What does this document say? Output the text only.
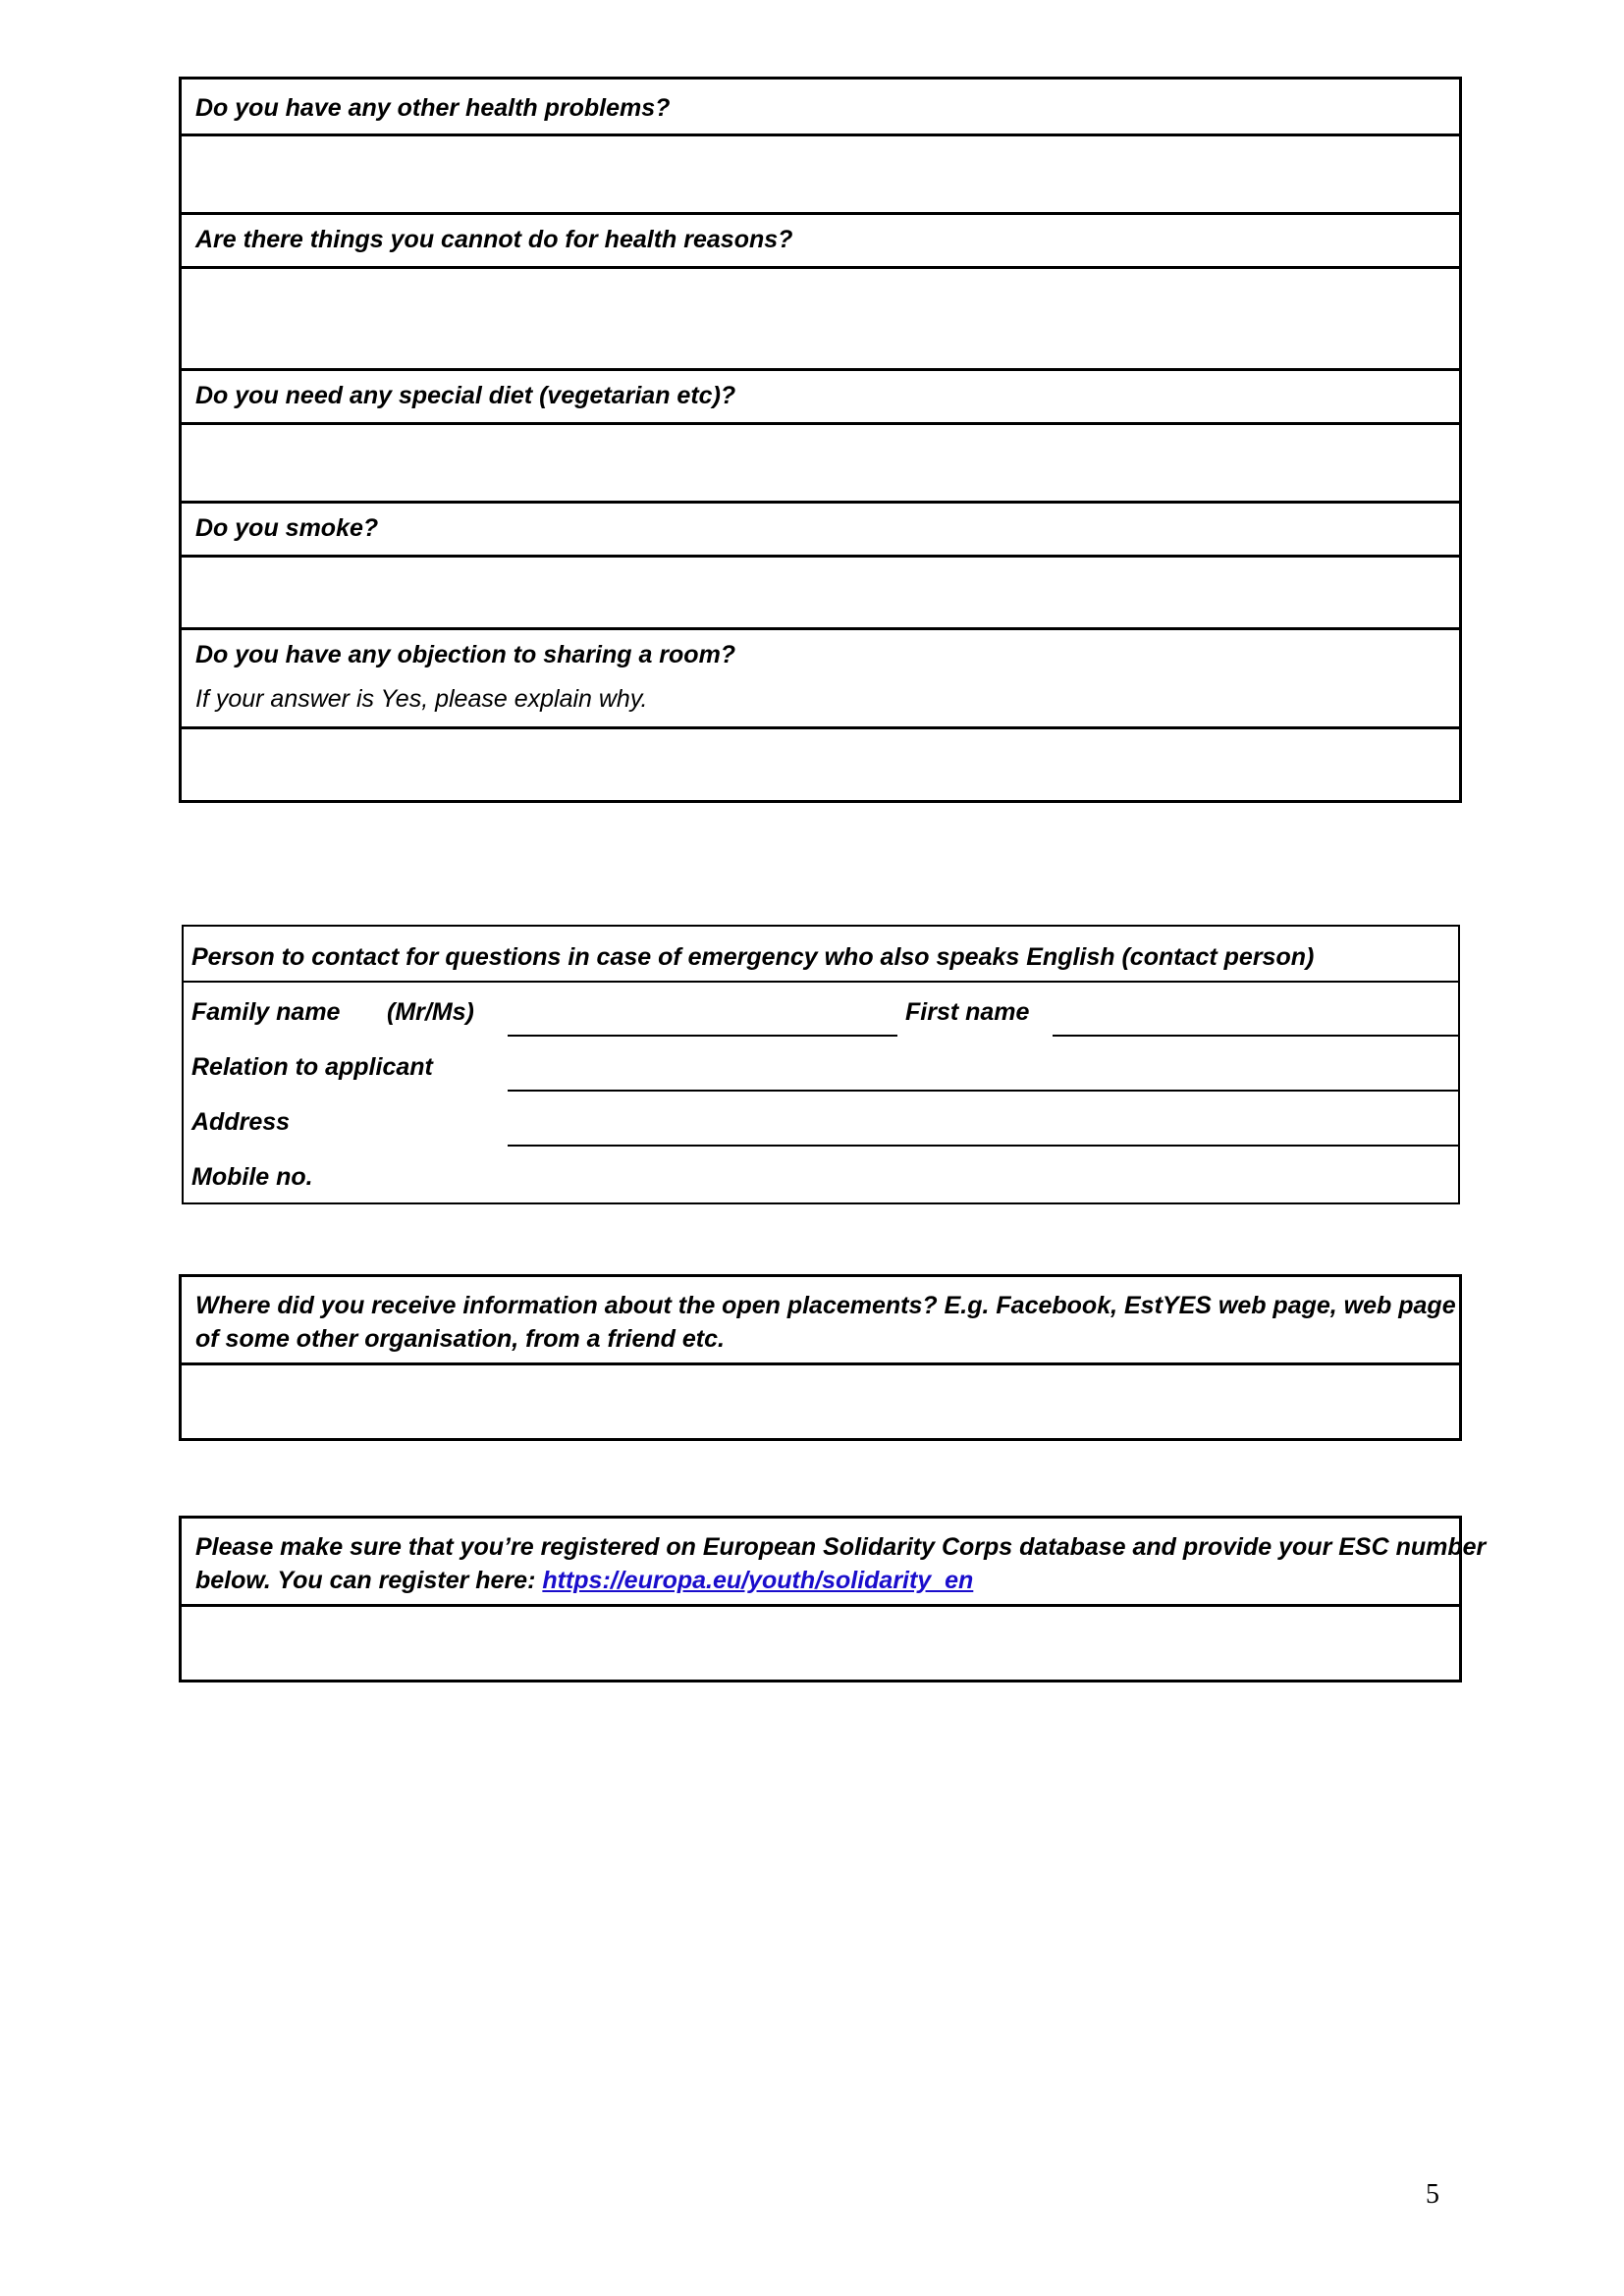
Do you have any other health problems?
Are there things you cannot do for health reasons?
Do you need any special diet (vegetarian etc)?
Do you smoke?
Do you have any objection to sharing a room?
If your answer is Yes, please explain why.
Person to contact for questions in case of emergency who also speaks English (contact person)
Family name (Mr/Ms)	First name
Relation to applicant
Address
Mobile no.
Where did you receive information about the open placements? E.g. Facebook, EstYES web page, web page
of some other organisation, from a friend etc.
Please make sure that you’re registered on European Solidarity Corps database and provide your ESC number
below. You can register here: https://europa.eu/youth/solidarity_en
5
